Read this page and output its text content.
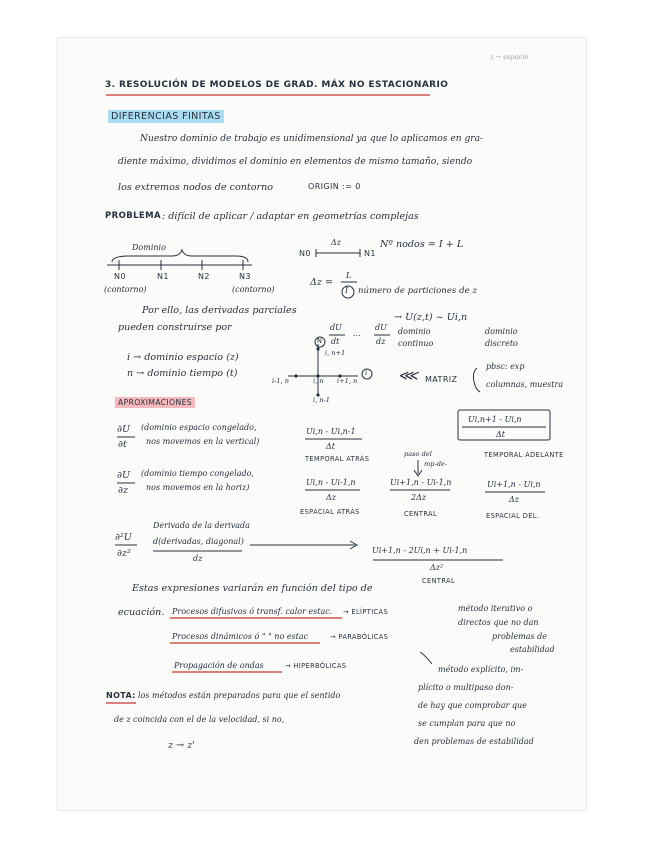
z → espacio
3. RESOLUCIÓN DE MODELOS DE GRAD. MÁX NO ESTACIONARIO
DIFERENCIAS FINITAS
Nuestro dominio de trabajo es unidimensional ya que lo aplicamos en gra-
diente máximo, dividimos el dominio en elementos de mismo tamaño, siendo
los extremos nodos de contorno	ORIGIN := 0
PROBLEMA : difícil de aplicar / adaptar en geometrías complejas
Dominio
N0	N1	N2	N3
(contorno)	(contorno)
Δz
N0	N1
Nº nodos = I + L
Δz =
L
I número de particiones de z
Por ello, las derivadas parciales
pueden construirse por	dU
dt
...
dU
dz
→ U(z,t) ~ Ui,n
dominio
continuo
dominio
discreto
i → dominio espacio (z)
n → dominio tiempo (t)
i, n+1
i, n
i-1, n	i+1, n
i, n-1
N
i ⋘ MATRIZ
pbsc: exp
columnas, muestra
APROXIMACIONES
∂U
∂t
(dominio espacio congelado,
nos movemos en la vertical)
Ui,n - Ui,n-1
Δt
TEMPORAL ATRÁS
paso del
mp-de-
Ui,n+1 - Ui,n
Δt
TEMPORAL ADELANTE
∂U
∂z
(dominio tiempo congelado,
nos movemos en la horiz)
Ui,n - Ui-1,n
Δz
ESPACIAL ATRÁS
Ui+1,n - Ui-1,n
2Δz
CENTRAL
Ui+1,n - Ui,n
Δz
ESPACIAL DEL.
∂²U
∂z²
Derivada de la derivada
d(derivadas, diagonal)
dz
Ui+1,n - 2Ui,n + Ui-1,n
Δz²
CENTRAL
Estas expresiones variarán en función del tipo de
ecuación. Procesos difusivos ó transf. calor estac. → ELÍPTICAS
Procesos dinámicos ó " " no estac	→ PARABÓLICAS
Propagación de ondas	→ HIPERBÓLICAS
método iterativo o
directos que no dan
problemas de
estabilidad
método explícito, im-
plícito o multipaso don-
de hay que comprobar que
se cumplan para que no
den problemas de estabilidad
NOTA: los métodos están preparados para que el sentido
de z coincida con el de la velocidad, si no,
z → z'
